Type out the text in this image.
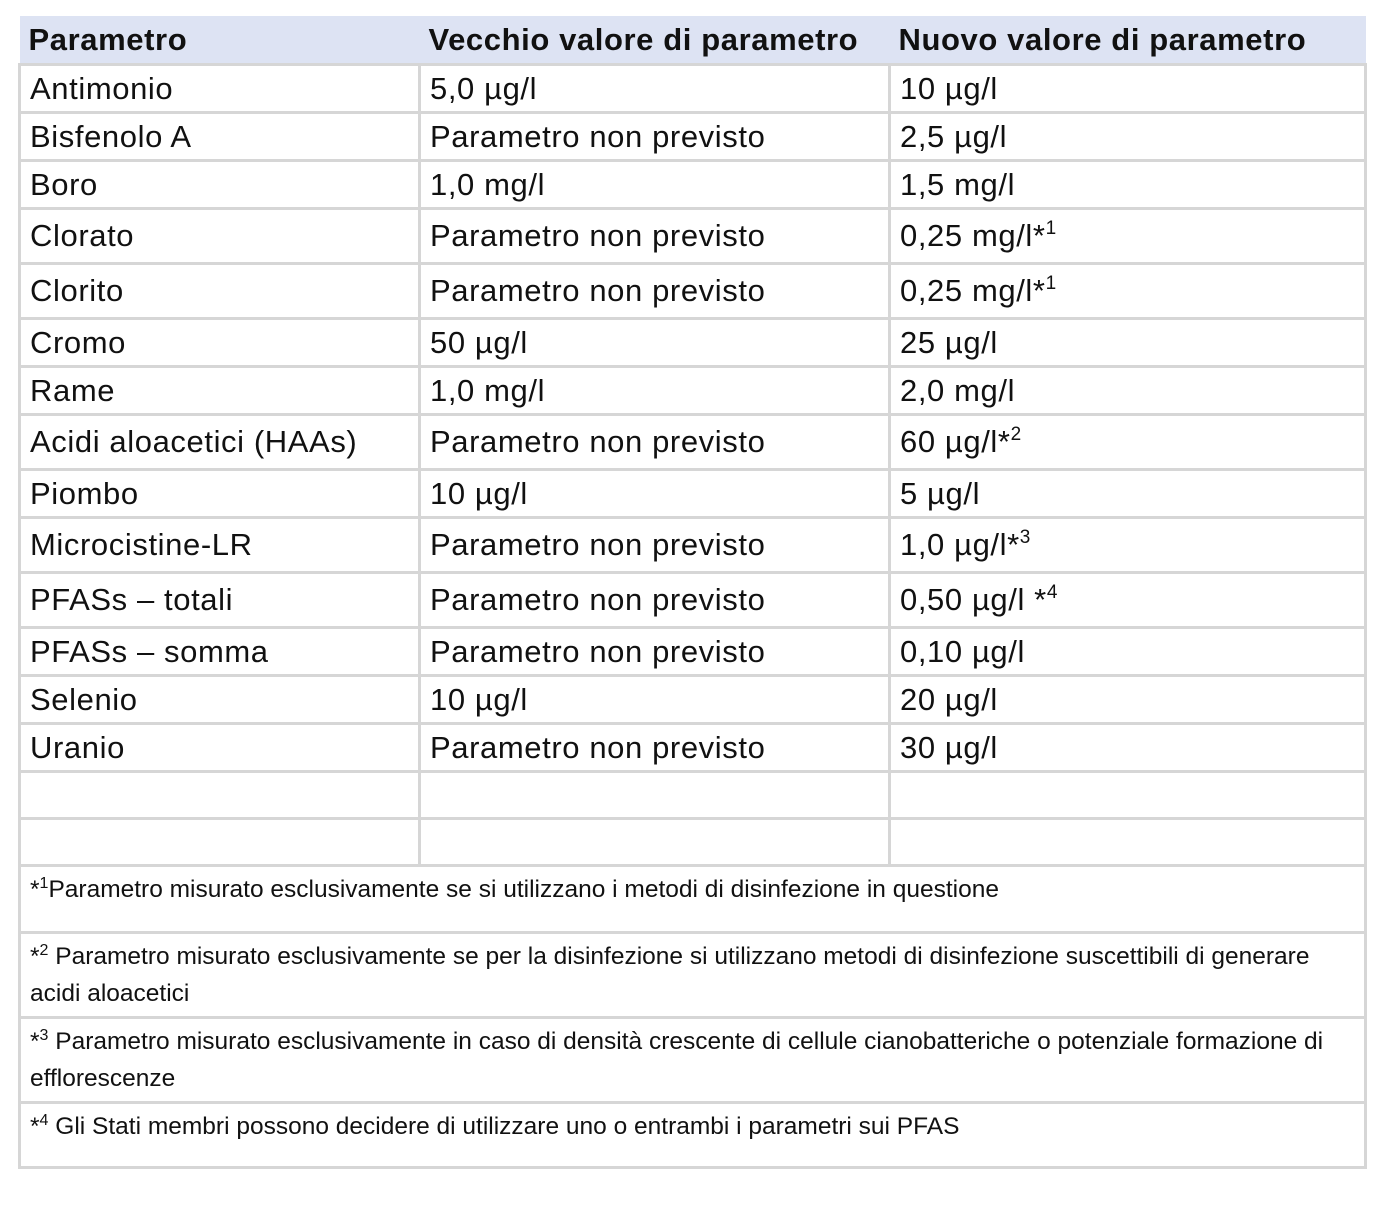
Parametro	Vecchio valore di parametro	Nuovo valore di parametro
Antimonio	5,0 µg/l	10 µg/l
Bisfenolo A	Parametro non previsto	2,5 µg/l
Boro	1,0 mg/l	1,5 mg/l
Clorato	Parametro non previsto	0,25 mg/l*$^1$
Clorito	Parametro non previsto	0,25 mg/l*$^1$
Cromo	50 µg/l	25 µg/l
Rame	1,0 mg/l	2,0 mg/l
Acidi aloacetici (HAAs)	Parametro non previsto	60 µg/l*$^2$
Piombo	10 µg/l	5 µg/l
Microcistine-LR	Parametro non previsto	1,0 µg/l*$^3$
PFASs – totali	Parametro non previsto	0,50 µg/l *$^4$
PFASs – somma	Parametro non previsto	0,10 µg/l
Selenio	10 µg/l	20 µg/l
Uranio	Parametro non previsto	30 µg/l

*$^1$Parametro misurato esclusivamente se si utilizzano i metodi di disinfezione in questione		
*$^2$ Parametro misurato esclusivamente se per la disinfezione si utilizzano metodi di disinfezione suscettibili di generare acidi aloacetici		
*$^3$ Parametro misurato esclusivamente in caso di densità crescente di cellule cianobatteriche o potenziale formazione di efflorescenze		
*$^4$ Gli Stati membri possono decidere di utilizzare uno o entrambi i parametri sui PFAS		
